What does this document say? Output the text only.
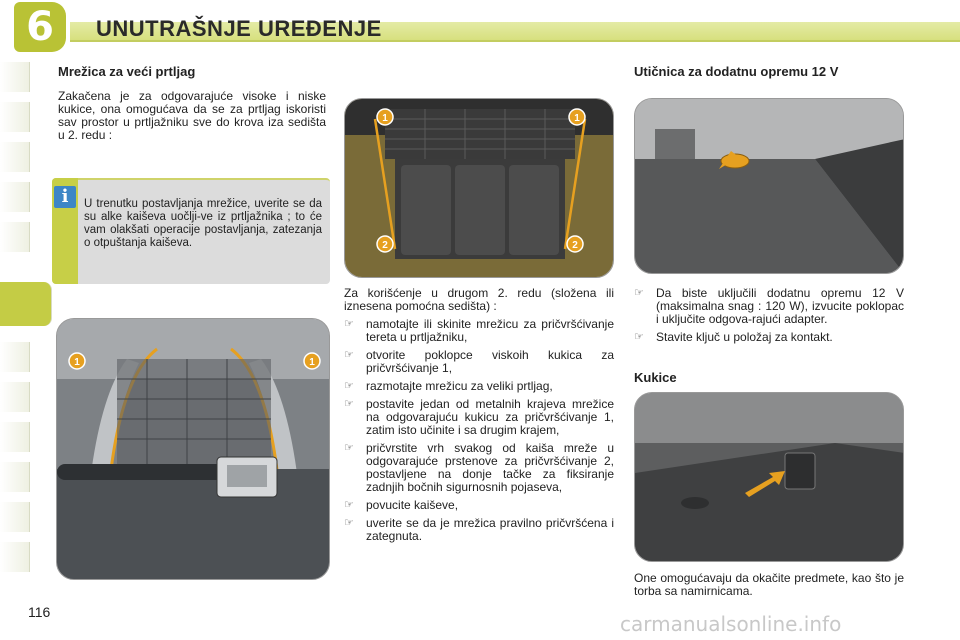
6	UNUTRAŠNJE UREĐENJE
Mrežica za veći prtljag
Zakačena je za odgovarajuće visoke i niske kukice, ona omogućava da se za prtljag iskoristi sav prostor u prtljažniku sve do krova iza sedišta u 2. redu :
i	U trenutku postavljanja mrežice, uverite se da su alke kaiševa uočlji-ve iz prtljažnika ; to će vam olakšati operacije postavljanja, zatezanja o otpuštanja kaiševa.
1	1
1	1
2	2
Za korišćenje u drugom 2. redu (složena ili iznesena pomoćna sedišta) :
☞ namotajte ili skinite mrežicu za pričvršćivanje tereta u prtljažniku,
☞ otvorite poklopce viskoih kukica za pričvršćivanje 1,
☞ razmotajte mrežicu za veliki prtljag,
☞ postavite jedan od metalnih krajeva mrežice na odgovarajuću kukicu za pričvršćivanje 1, zatim isto učinite i sa drugim krajem,
☞ pričvrstite vrh svakog od kaiša mreže u odgovarajuće prstenove za pričvršćivanje 2, postavljene na donje tačke za fiksiranje zadnjih bočnih sigurnosnih pojaseva,
☞ povucite kaiševe,
☞ uverite se da je mrežica pravilno pričvršćena i zategnuta.
Utičnica za dodatnu opremu 12 V
☞ Da biste uključili dodatnu opremu 12 V (maksimalna snag : 120 W), izvucite poklopac i uključite odgova-rajući adapter.
☞ Stavite ključ u položaj za kontakt.
Kukice
One omogućavaju da okačite predmete, kao što je torba sa namirnicama.
116	carmanualsonline.info
